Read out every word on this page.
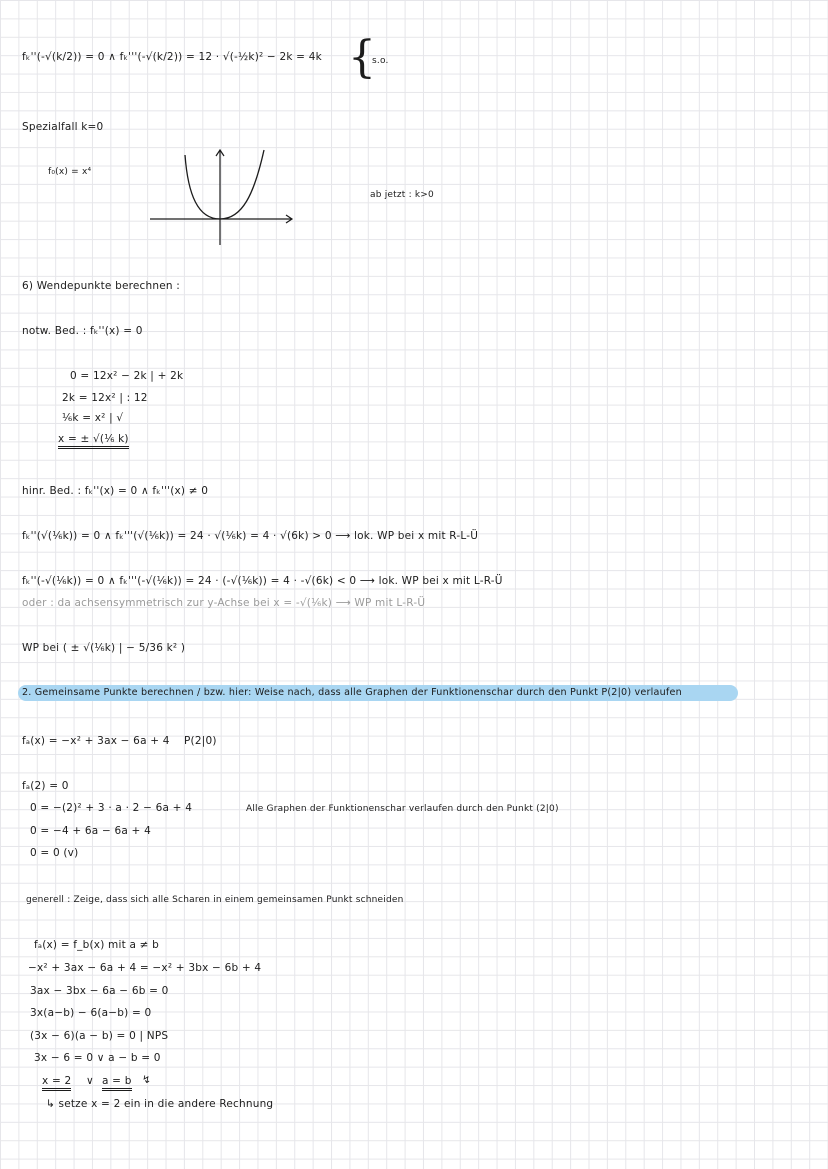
fₖ''(-√(k/2)) = 0 ∧ fₖ'''(-√(k/2)) = 12 · √(-½k)² − 2k = 4k {
s.o.
Spezialfall k=0
f₀(x) = x⁴
ab jetzt : k>0
6) Wendepunkte berechnen :
notw. Bed. : fₖ''(x) = 0
0 = 12x² − 2k | + 2k
2k = 12x² | : 12
⅙k = x² | √
x = ± √(⅙ k)
hinr. Bed. : fₖ''(x) = 0 ∧ fₖ'''(x) ≠ 0
fₖ''(√(⅙k)) = 0 ∧ fₖ'''(√(⅙k)) = 24 · √(⅙k) = 4 · √(6k) > 0 ⟶ lok. WP bei x mit R-L-Ü
fₖ''(-√(⅙k)) = 0 ∧ fₖ'''(-√(⅙k)) = 24 · (-√(⅙k)) = 4 · -√(6k) < 0 ⟶ lok. WP bei x mit L-R-Ü
oder : da achsensymmetrisch zur y-Achse bei x = -√(⅙k) ⟶ WP mit L-R-Ü
WP bei ( ± √(⅙k) | − 5/36 k² )
2. Gemeinsame Punkte berechnen / bzw. hier: Weise nach, dass alle Graphen der Funktionenschar durch den Punkt P(2|0) verlaufen
fₐ(x) = −x² + 3ax − 6a + 4 P(2|0)
fₐ(2) = 0
0 = −(2)² + 3 · a · 2 − 6a + 4	Alle Graphen der Funktionenschar verlaufen durch den Punkt (2|0)
0 = −4 + 6a − 6a + 4
0 = 0 (v)
generell : Zeige, dass sich alle Scharen in einem gemeinsamen Punkt schneiden
fₐ(x) = f_b(x) mit a ≠ b
−x² + 3ax − 6a + 4 = −x² + 3bx − 6b + 4
3ax − 3bx − 6a − 6b = 0
3x(a−b) − 6(a−b) = 0
(3x − 6)(a − b) = 0 | NPS
3x − 6 = 0 ∨ a − b = 0
x = 2 ∨ a = b ↯
↳ setze x = 2 ein in die andere Rechnung
